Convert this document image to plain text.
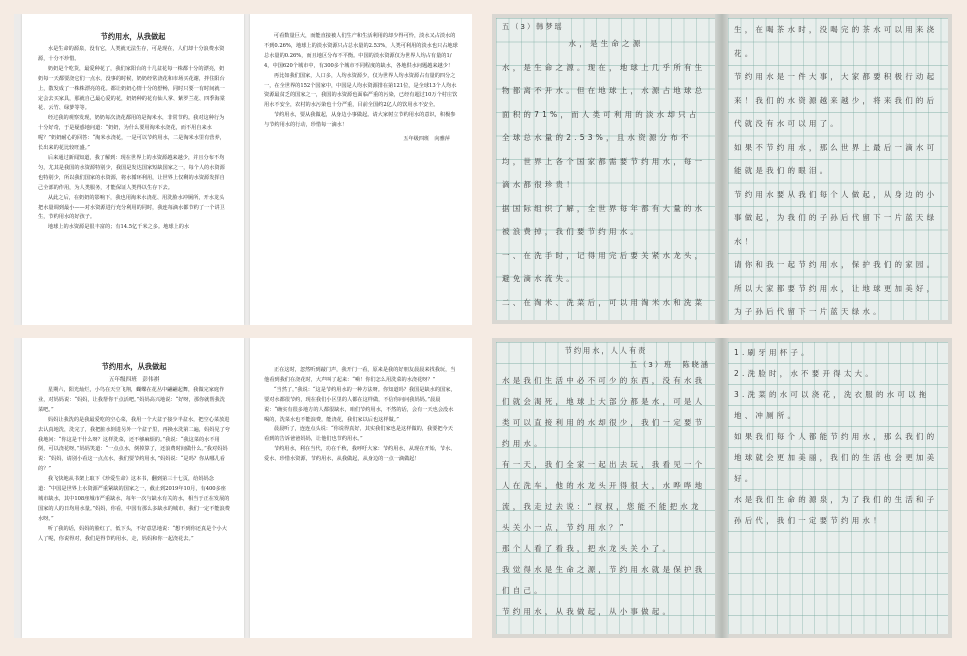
节约用水，从我做起

水是生命的源泉，没有它，人类就无法生存，可是现在，人们却十分浪费水资源，十分不珍惜。

奶奶是个吃货，最爱种花了，我们家阳台的十几盆花每一株都十分的漂亮，奶奶每一天都要浇它们一点水，没事的时候，奶奶经常浇花和市场买花谢，拌住阳台上，散发成了一株株漂亮的花。都让奶奶心情十分的舒畅，同时只要一有时间就一定会去买家具，那就自己最心爱的花，奶奶种的花有仙人掌、紫罗兰花、四季海棠花、云竹、绿萝等等。

经过我的观察发现，奶奶每次浇花都用的是淘米水，非常节约。我对这种行为十分好奇，于是疑惑地问道：“奶奶，为什么要用淘米水浇花，而不用自来水呢？”奶奶耐心的回答：“淘米水浇花，一是可以节约用水，二是淘米水里有营养，长出来的花比较旺盛。”

后来通过新闻知道，我了解到：现在世界上的水资源越来越少，并且分布不均匀，尤其是我国的水资源特别少，我国是发达国家短缺国家之一，每个人的水资源也特别少，所以我们国家的水资源，将水循环利用，让世界上仅剩的水资源发挥自己全部的作用，为人类服务，才能保证人类得以生存下去。

从此之后，在奶奶的影响下，我也用淘米水浇花、用洗脸水冲厕所，开水龙头把水量调到最小——对水资源进行充分利用的同时，我连每滴水都节约了一个讲卫生，节约用水的好孩子。

地球上的水资源是很丰富的；有14.5亿千米之多。地球上的水

可看数量巨大，而能直接被人们生产和生活利用的却少得可怜，淡水又占淡水的不到0.26%，地球上的淡水资源只占总水量的2.53%，人类可利用的淡水也只占地球总水量的0.26%，而且地区分布不平衡。中国的淡水资源仅为世界人均占有量的1/4，中国620个城市中，有300多个城市不同程度的缺水，各地供水问题越来越少！

再比如我们国家，人口多，人均水资源少，仅为世界人均水资源占有量的四分之一，在全世界的152个国家中，中国是人均水资源排在第121位，是全球13个人均水资源最贫乏的国家之一，我国的水资源也面临严重的污染，已经有超过10万个村庄饮用水不安全，农村的水污染也十分严重，目前全国约2亿人的饮用水不安全。

节约用水，要从我做起，从身边小事做起。请大家树立节约用水的意识，积极参与节约用水的行动，珍惜每一滴水！

五年级四班　向雅萍
节约用水，从我做起
五年级四班　彭伟祺

星期六，阳光灿烂，小鸟在天空飞翔，蝴蝶在花丛中翩翩起舞，我做完家庭作业，对妈妈说：“妈妈，让我帮你干点活吧。”妈妈高兴地说：“好呀，那你就帮我洗菜吧。”

妈妈让我洗的是我最爱吃的空心菜，我用一个大盆子接少半盆水，把空心菜放进去认真地洗，洗完了，我把脏水倒进另外一个盆子里，再换水洗第二遍，妈妈见了夸我地问：“你这是干什么呀？这样洗菜，还不够麻烦的。”我说：“我这菜的水不用倒，可以浇花呀。”妈妈笑道：“一点点水，倒掉算了，还浪费时间做什么。”我对妈妈说：“妈妈，请别小看这一点点水，我们要节约用水，”妈妈说：“是吗？你从哪儿看的？”

我飞快地从书架上取下《珍爱生命》这本书，翻到第三十七页，给妈妈念道：“中国是世界上水资源严重紧缺的国家之一，截止到2019年10月，有400多座城市缺水，其中108座城市严重缺水，每年一次与缺水有关的水，相当于正在发展的国家的人的日均用水量。”妈妈，你看，中国有那么多缺水的城市，我们一定不能浪费水呀。”

听了我的话，妈妈的脸红了，低下头，不好意思地说：“想不到你还真是个小大人了呢，你说得对，我们是得节约用水，走，妈妈和你一起浇花去。”

正在这时，忽然听到敲门声，我开门一看，原来是我的好朋友晨晨来找我玩，当他看到我们在浇花时，大声叫了起来：“嗬！你们怎么用洗菜的水浇花呀？”

“当然了，”我说：“这是节约用水的一种方法呀。你知道吗？我国是缺水的国家，要对水都很节约，现在我们小区里的人都在这样做，不信你问问我妈妈。”晨晨说：“确实有很多地方的人都很缺水，咱们节约用水，不然的话，会有一天也会没水喝的，洗菜水也不能浪费，能浇花，我们家以后也这样做。”

晨晨听了，连连点头说：“你说得真好，其实我们家也是这样做的，我要把今天看到的告诉爸爸妈妈，让他们也节约用水。”

节约用水，利在当代，功在千秋，我呼吁大家：节约用水，从现在开始，节水、爱水、珍惜水资源，节约用水，从我做起，从身边的一点一滴做起！

五（3）韩梦瑶

水，是生命之源

水，是生命之源。现在，地球上几乎所有生物都离不开水。但在地球上，水源占地球总面积的71%，而人类可利用的淡水却只占全球总水量的2.53%，且水资源分布不均，世界上各个国家都需要节约用水，每一滴水都很珍贵！

据国际组织了解，全世界每年都有大量的水被浪费掉，我们要节约用水。

一、在洗手时，记得用完后要关紧水龙头，避免滴水流失。

二、在淘米、洗菜后，可以用淘米水和洗菜

生，在喝茶水时，没喝完的茶水可以用来浇花。

节约用水是一件大事，大家都要积极行动起来！我们的水资源越来越少，将来我们的后代就没有水可以用了。

如果不节约用水，那么世界上最后一滴水可能就是我们的眼泪。

节约用水要从我们每个人做起，从身边的小事做起，为我们的子孙后代留下一片蓝天绿水！

请你和我一起节约用水，保护我们的家园。

所以大家都要节约用水，让地球更加美好，为子孙后代留下一片蓝天绿水。

节约用水，人人有责
五（3）班　陈晓涵

水是我们生活中必不可少的东西，没有水我们就会渴死，地球上大部分都是水，可是人类可以直接利用的水却很少，我们一定要节约用水。

有一天，我们全家一起出去玩，我看见一个人在洗车，他的水龙头开得很大，水哗哗地流，我走过去说：“叔叔，您能不能把水龙头关小一点，节约用水？”

那个人看了看我，把水龙头关小了。

我觉得水是生命之源，节约用水就是保护我们自己。

节约用水，从我做起，从小事做起。

1.刷牙用杯子。

2.洗脸时，水不要开得太大。

3.洗菜的水可以浇花，洗衣服的水可以拖地、冲厕所。

如果我们每个人都能节约用水，那么我们的地球就会更加美丽，我们的生活也会更加美好。

水是我们生命的源泉，为了我们的生活和子孙后代，我们一定要节约用水！
